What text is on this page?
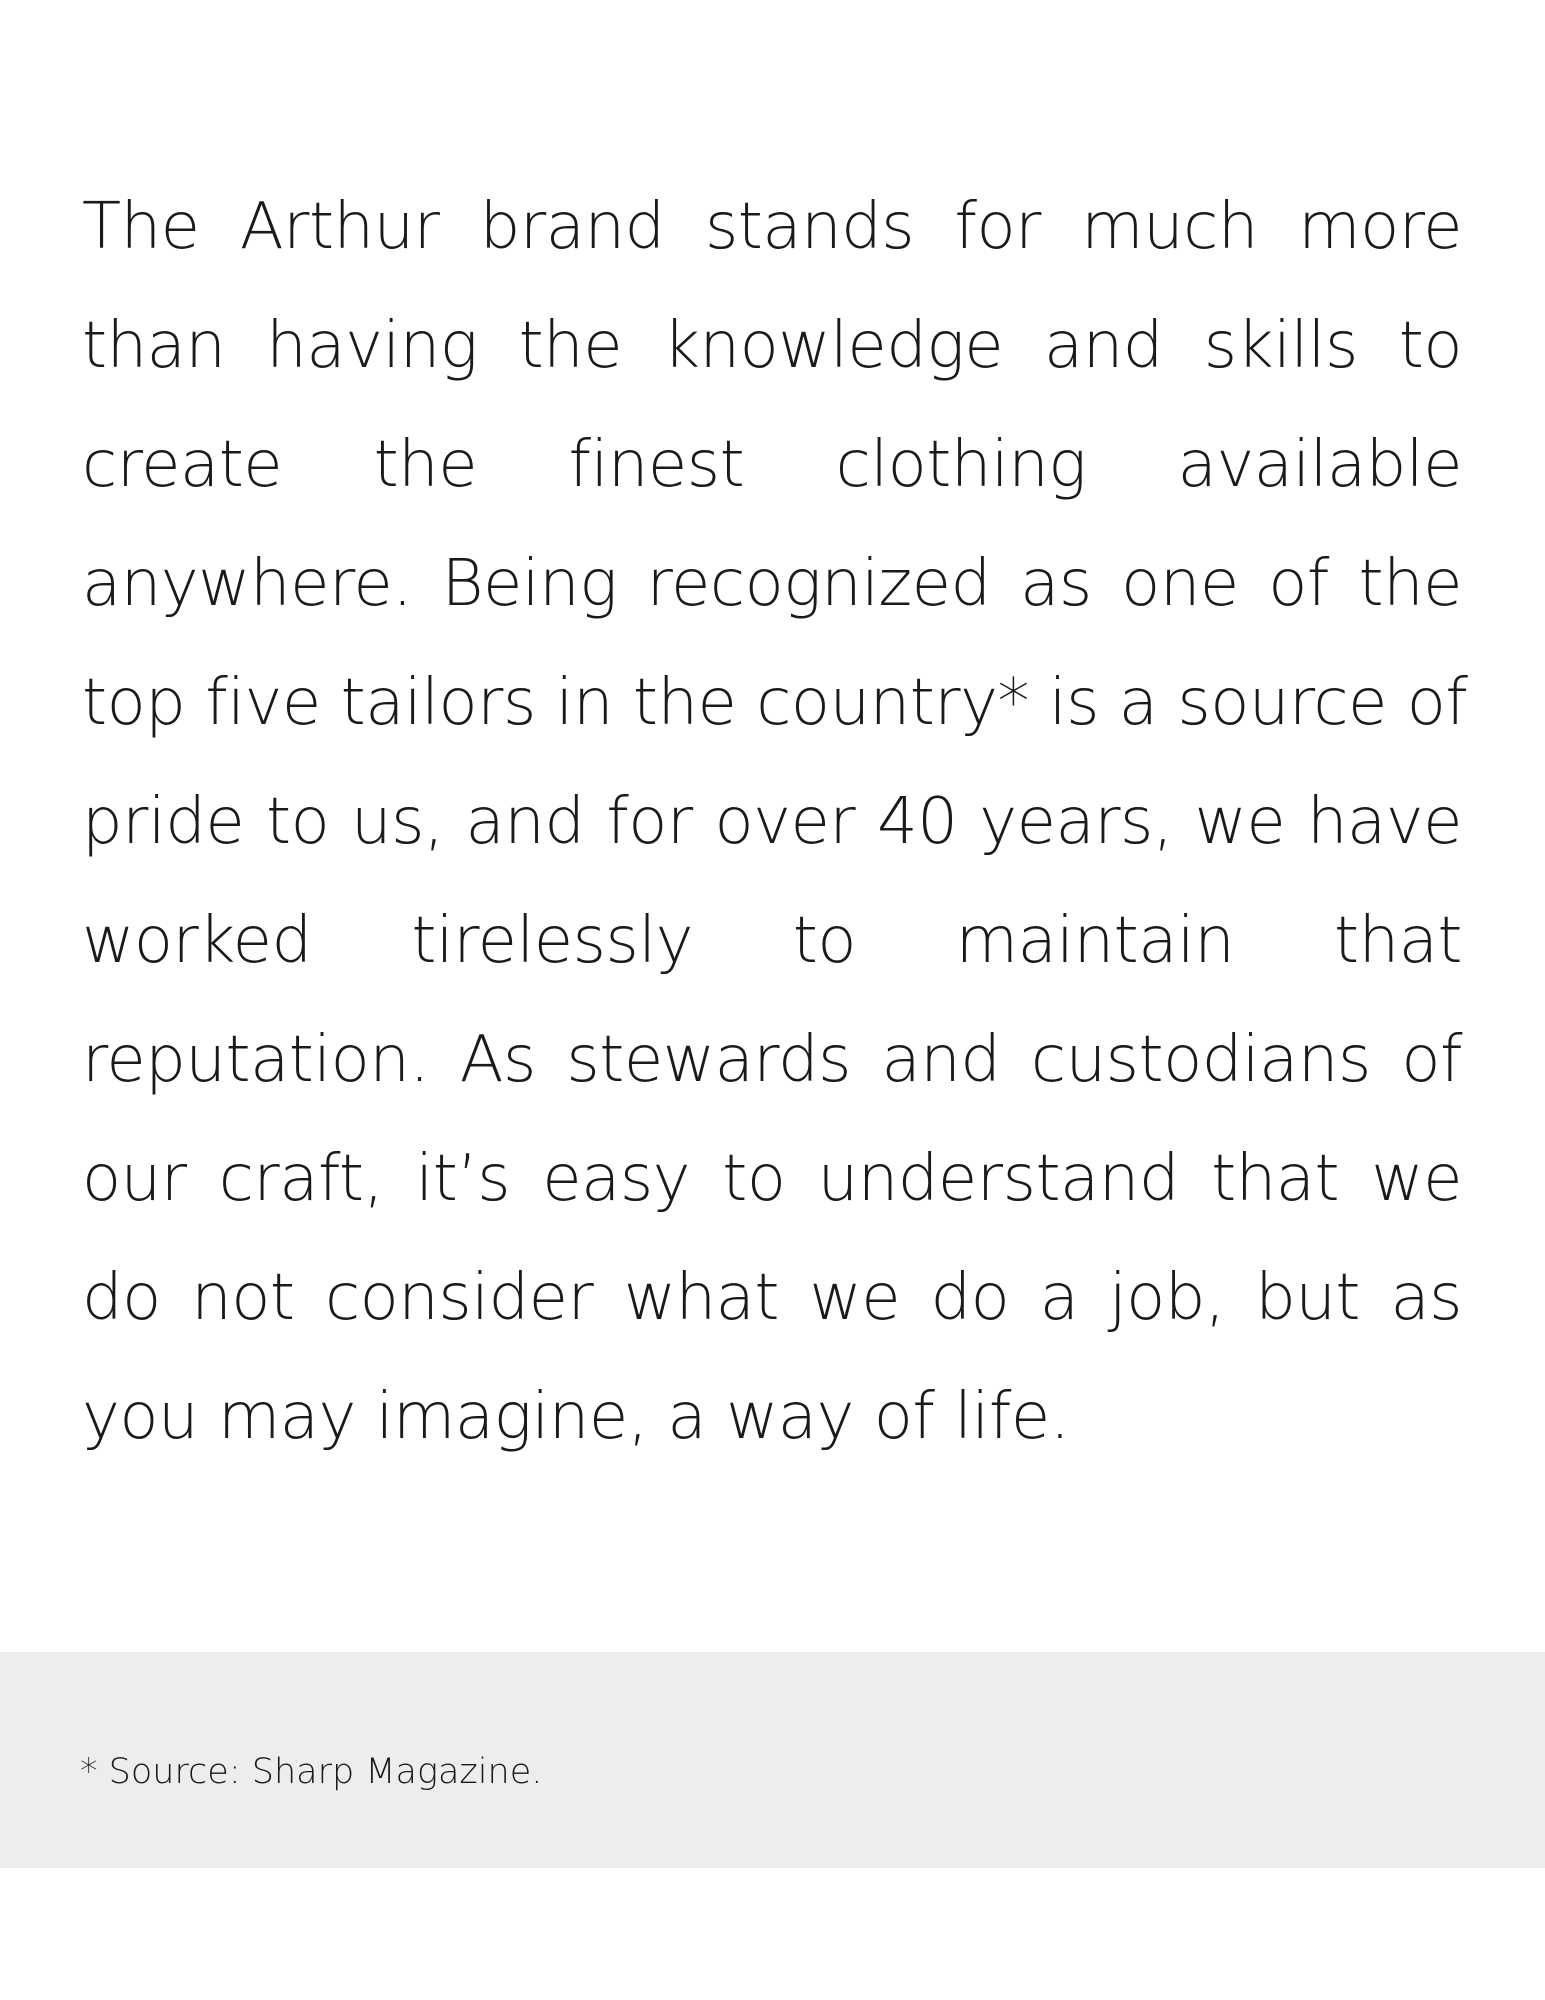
The Arthur brand stands for much more
than having the knowledge and skills to
create the finest clothing available
anywhere. Being recognized as one of the
top five tailors in the country* is a source of
pride to us, and for over 40 years, we have
worked tirelessly to maintain that
reputation. As stewards and custodians of
our craft, it’s easy to understand that we
do not consider what we do a job, but as
you may imagine, a way of life.
* Source: Sharp Magazine.
